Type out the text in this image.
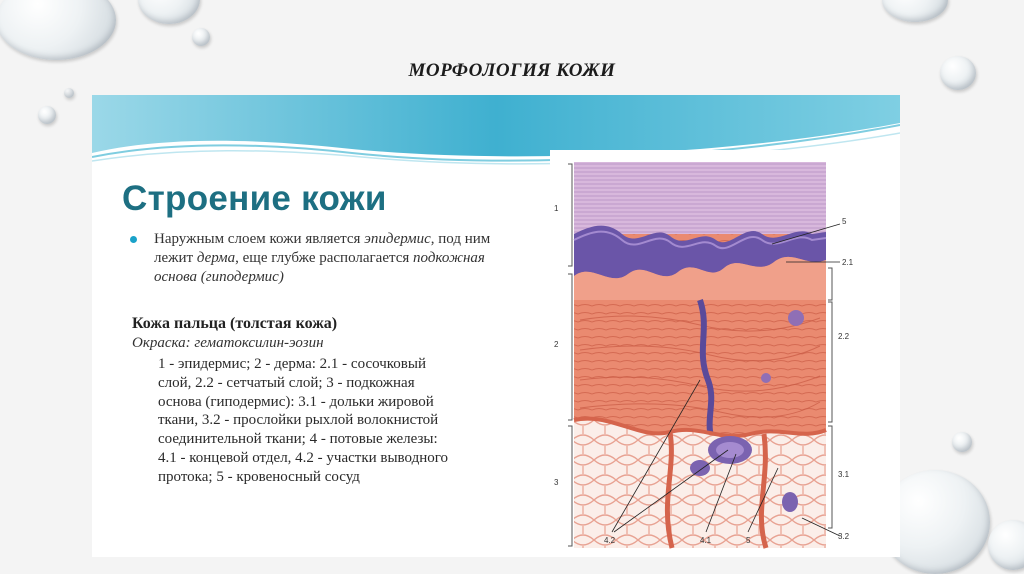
МОРФОЛОГИЯ КОЖИ
Строение кожи
Наружным слоем кожи является эпидермис, под ним лежит дерма, еще глубже располагается подкожная основа (гиподермис)

Кожа пальца (толстая кожа)

Окраска: гематоксилин-эозин

1 - эпидермис; 2 - дерма: 2.1 - сосочковый слой, 2.2 - сетчатый слой; 3 - подкожная основа (гиподермис): 3.1 - дольки жировой ткани, 3.2 - прослойки рыхлой волокнистой соединительной ткани; 4 - потовые железы: 4.1 - концевой отдел, 4.2 - участки выводного протока; 5 - кровеносный сосуд

1
2
3
5
2.1
2.2
3.1
3.2
4.2	4.1	5
